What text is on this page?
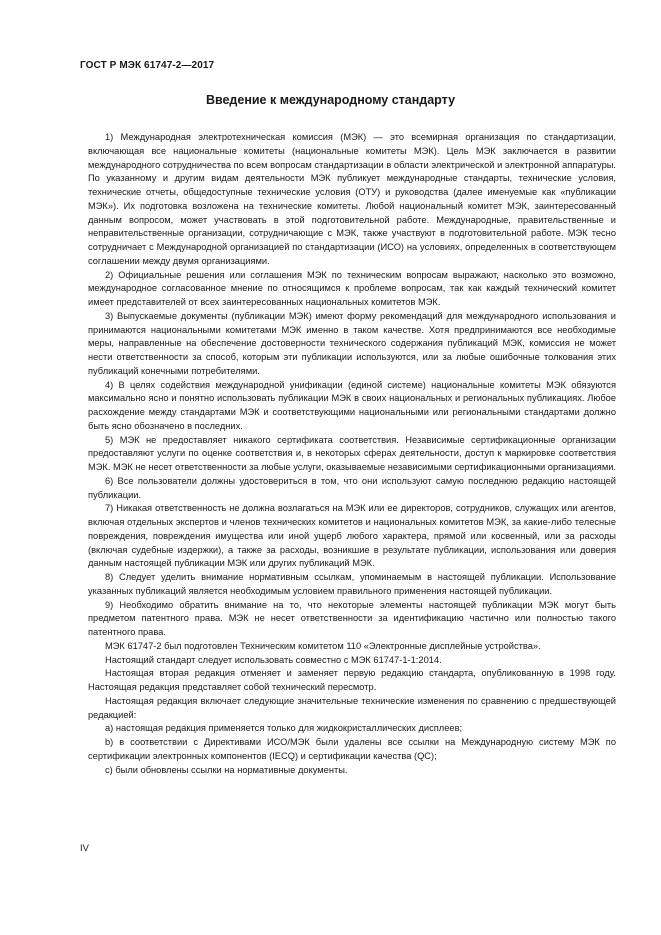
ГОСТ Р МЭК 61747-2—2017
Введение к международному стандарту

1) Международная электротехническая комиссия (МЭК) — это всемирная организация по стандартизации, включающая все национальные комитеты (национальные комитеты МЭК). Цель МЭК заключается в развитии международного сотрудничества по всем вопросам стандартизации в области электрической и электронной аппаратуры. По указанному и другим видам деятельности МЭК публикует международные стандарты, технические условия, технические отчеты, общедоступные технические условия (ОТУ) и руководства (далее именуемые как «публикации МЭК»). Их подготовка возложена на технические комитеты. Любой национальный комитет МЭК, заинтересованный данным вопросом, может участвовать в этой подготовительной работе. Международные, правительственные и неправительственные организации, сотрудничающие с МЭК, также участвуют в подготовительной работе. МЭК тесно сотрудничает с Международной организацией по стандартизации (ИСО) на условиях, определенных в соответствующем соглашении между двумя организациями.

2) Официальные решения или соглашения МЭК по техническим вопросам выражают, насколько это возможно, международное согласованное мнение по относящимся к проблеме вопросам, так как каждый технический комитет имеет представителей от всех заинтересованных национальных комитетов МЭК.

3) Выпускаемые документы (публикации МЭК) имеют форму рекомендаций для международного использования и принимаются национальными комитетами МЭК именно в таком качестве. Хотя предпринимаются все необходимые меры, направленные на обеспечение достоверности технического содержания публикаций МЭК, комиссия не может нести ответственности за способ, которым эти публикации используются, или за любые ошибочные толкования этих публикаций конечными потребителями.

4) В целях содействия международной унификации (единой системе) национальные комитеты МЭК обязуются максимально ясно и понятно использовать публикации МЭК в своих национальных и региональных публикациях. Любое расхождение между стандартами МЭК и соответствующими национальными или региональными стандартами должно быть ясно обозначено в последних.

5) МЭК не предоставляет никакого сертификата соответствия. Независимые сертификационные организации предоставляют услуги по оценке соответствия и, в некоторых сферах деятельности, доступ к маркировке соответствия МЭК. МЭК не несет ответственности за любые услуги, оказываемые независимыми сертификационными организациями.

6) Все пользователи должны удостовериться в том, что они используют самую последнюю редакцию настоящей публикации.

7) Никакая ответственность не должна возлагаться на МЭК или ее директоров, сотрудников, служащих или агентов, включая отдельных экспертов и членов технических комитетов и национальных комитетов МЭК, за какие-либо телесные повреждения, повреждения имущества или иной ущерб любого характера, прямой или косвенный, или за расходы (включая судебные издержки), а также за расходы, возникшие в результате публикации, использования или доверия данным настоящей публикации МЭК или других публикаций МЭК.

8) Следует уделить внимание нормативным ссылкам, упоминаемым в настоящей публикации. Использование указанных публикаций является необходимым условием правильного применения настоящей публикации.

9) Необходимо обратить внимание на то, что некоторые элементы настоящей публикации МЭК могут быть предметом патентного права. МЭК не несет ответственности за идентификацию частично или полностью такого патентного права.

МЭК 61747-2 был подготовлен Техническим комитетом 110 «Электронные дисплейные устройства».

Настоящий стандарт следует использовать совместно с МЭК 61747-1-1:2014.

Настоящая вторая редакция отменяет и заменяет первую редакцию стандарта, опубликованную в 1998 году. Настоящая редакция представляет собой технический пересмотр.

Настоящая редакция включает следующие значительные технические изменения по сравнению с предшествующей редакцией:

a) настоящая редакция применяется только для жидкокристаллических дисплеев;

b) в соответствии с Директивами ИСО/МЭК были удалены все ссылки на Международную систему МЭК по сертификации электронных компонентов (IECQ) и сертификации качества (QC);

c) были обновлены ссылки на нормативные документы.

IV
